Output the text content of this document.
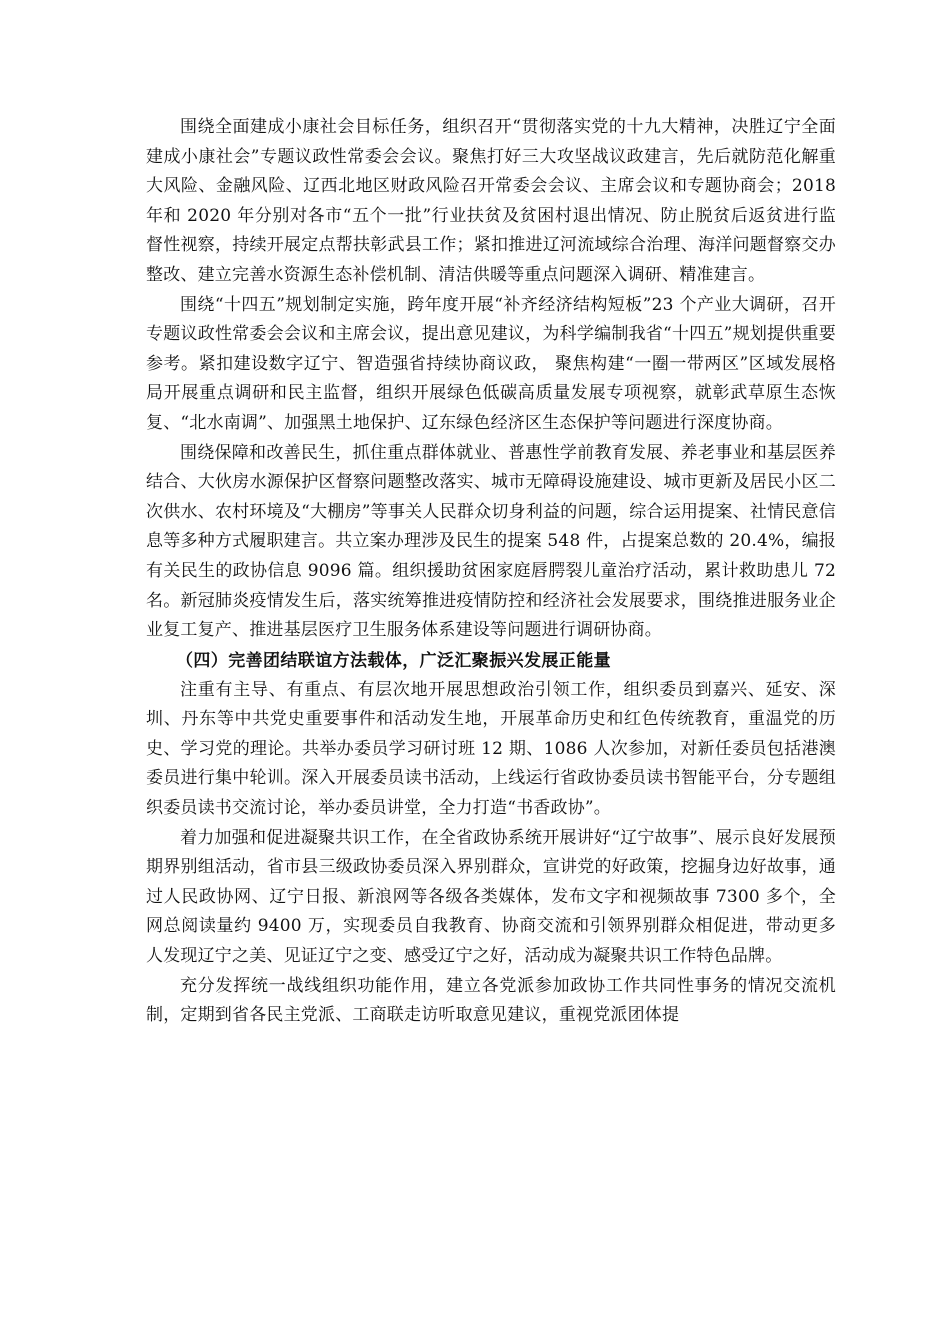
围绕全面建成小康社会目标任务，组织召开“贯彻落实党的十九大精神，决胜辽宁全面建成小康社会”专题议政性常委会会议。聚焦打好三大攻坚战议政建言，先后就防范化解重大风险、金融风险、辽西北地区财政风险召开常委会会议、主席会议和专题协商会；2018 年和 2020 年分别对各市“五个一批”行业扶贫及贫困村退出情况、防止脱贫后返贫进行监督性视察，持续开展定点帮扶彰武县工作；紧扣推进辽河流域综合治理、海洋问题督察交办整改、建立完善水资源生态补偿机制、清洁供暖等重点问题深入调研、精准建言。

围绕“十四五”规划制定实施，跨年度开展“补齐经济结构短板”23 个产业大调研，召开专题议政性常委会会议和主席会议，提出意见建议，为科学编制我省“十四五”规划提供重要参考。紧扣建设数字辽宁、智造强省持续协商议政， 聚焦构建“一圈一带两区”区域发展格局开展重点调研和民主监督，组织开展绿色低碳高质量发展专项视察，就彰武草原生态恢复、“北水南调”、加强黑土地保护、辽东绿色经济区生态保护等问题进行深度协商。

围绕保障和改善民生，抓住重点群体就业、普惠性学前教育发展、养老事业和基层医养结合、大伙房水源保护区督察问题整改落实、城市无障碍设施建设、城市更新及居民小区二次供水、农村环境及“大棚房”等事关人民群众切身利益的问题，综合运用提案、社情民意信息等多种方式履职建言。共立案办理涉及民生的提案 548 件，占提案总数的 20.4%，编报有关民生的政协信息 9096 篇。组织援助贫困家庭唇腭裂儿童治疗活动，累计救助患儿 72 名。新冠肺炎疫情发生后，落实统筹推进疫情防控和经济社会发展要求，围绕推进服务业企业复工复产、推进基层医疗卫生服务体系建设等问题进行调研协商。

（四）完善团结联谊方法载体，广泛汇聚振兴发展正能量

注重有主导、有重点、有层次地开展思想政治引领工作，组织委员到嘉兴、延安、深圳、丹东等中共党史重要事件和活动发生地，开展革命历史和红色传统教育，重温党的历史、学习党的理论。共举办委员学习研讨班 12 期、1086 人次参加，对新任委员包括港澳委员进行集中轮训。深入开展委员读书活动，上线运行省政协委员读书智能平台，分专题组织委员读书交流讨论，举办委员讲堂，全力打造“书香政协”。

着力加强和促进凝聚共识工作，在全省政协系统开展讲好“辽宁故事”、展示良好发展预期界别组活动，省市县三级政协委员深入界别群众，宣讲党的好政策，挖掘身边好故事，通过人民政协网、辽宁日报、新浪网等各级各类媒体，发布文字和视频故事 7300 多个，全网总阅读量约 9400 万，实现委员自我教育、协商交流和引领界别群众相促进，带动更多人发现辽宁之美、见证辽宁之变、感受辽宁之好，活动成为凝聚共识工作特色品牌。

充分发挥统一战线组织功能作用，建立各党派参加政协工作共同性事务的情况交流机制，定期到省各民主党派、工商联走访听取意见建议，重视党派团体提
